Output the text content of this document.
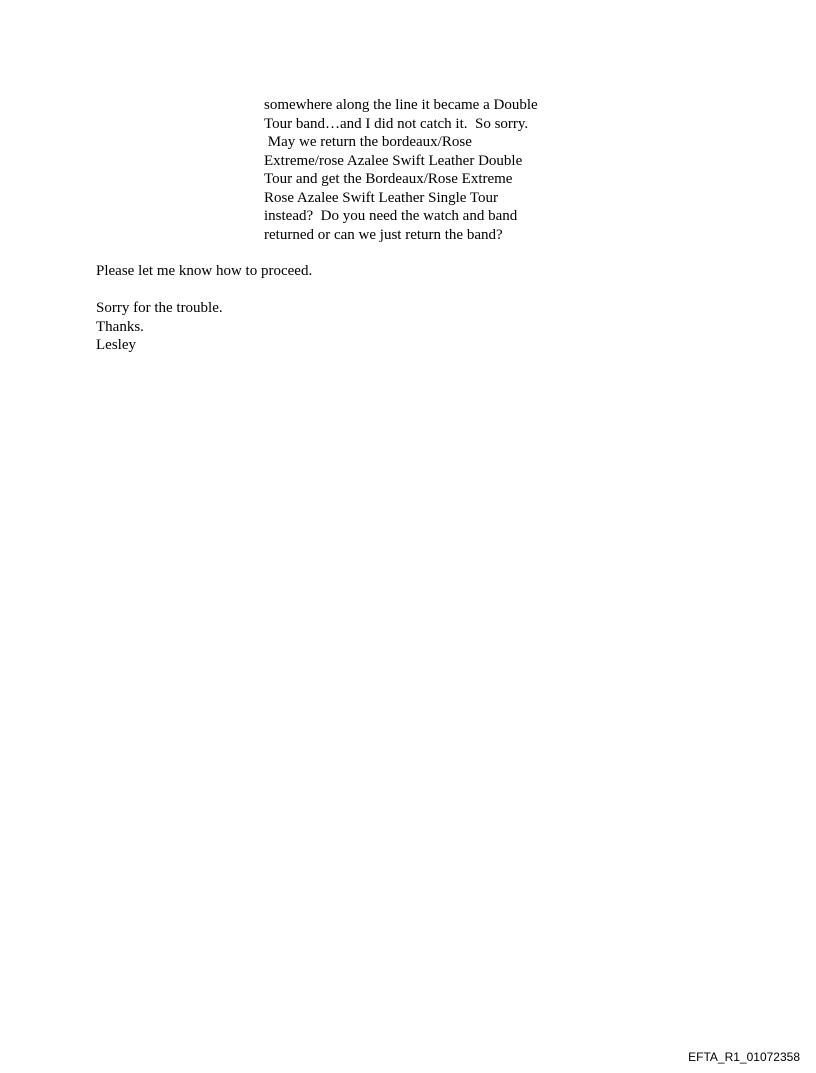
somewhere along the line it became a Double
Tour band…and I did not catch it.  So sorry.
May we return the bordeaux/Rose
Extreme/rose Azalee Swift Leather Double
Tour and get the Bordeaux/Rose Extreme
Rose Azalee Swift Leather Single Tour
instead?  Do you need the watch and band
returned or can we just return the band?
Please let me know how to proceed.
Sorry for the trouble.
Thanks.
Lesley
EFTA_R1_01072358
